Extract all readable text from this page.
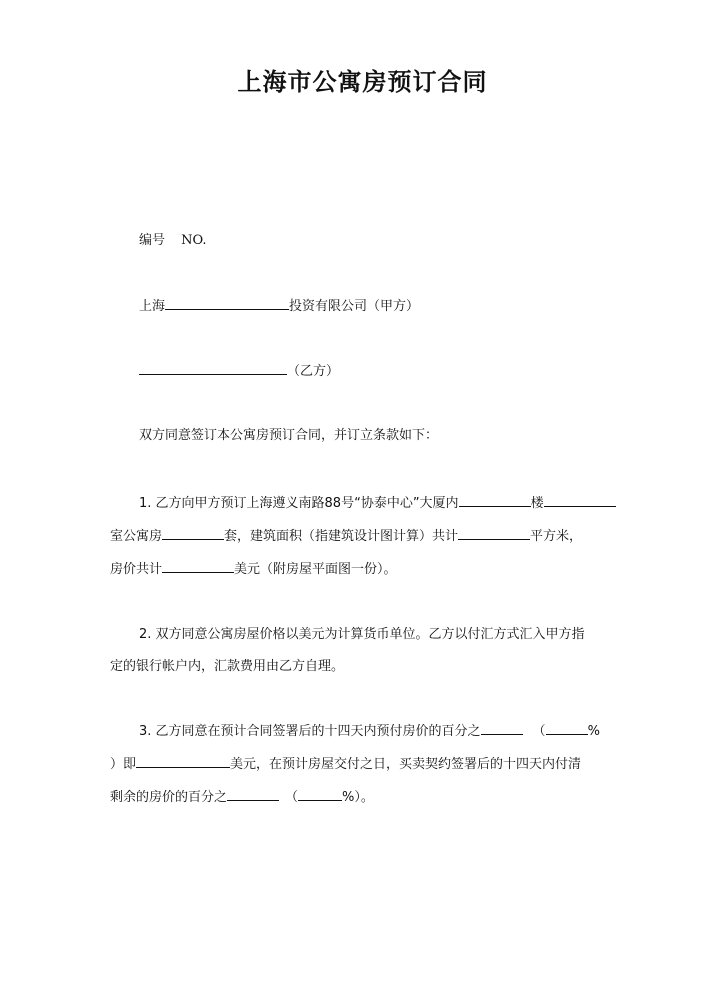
上海市公寓房预订合同
编号 NO.
上海	投资有限公司（甲方）
（乙方）
双方同意签订本公寓房预订合同，并订立条款如下：
1. 乙方向甲方预订上海遵义南路88号“协泰中心”大厦内	楼
室公寓房	套，建筑面积（指建筑设计图计算）共计	平方米，
房价共计	美元（附房屋平面图一份）。
2. 双方同意公寓房屋价格以美元为计算货币单位。乙方以付汇方式汇入甲方指
定的银行帐户内，汇款费用由乙方自理。
3. 乙方同意在预计合同签署后的十四天内预付房价的百分之	（	%
）即	美元，在预计房屋交付之日，买卖契约签署后的十四天内付清
剩余的房价的百分之	（	%）。
